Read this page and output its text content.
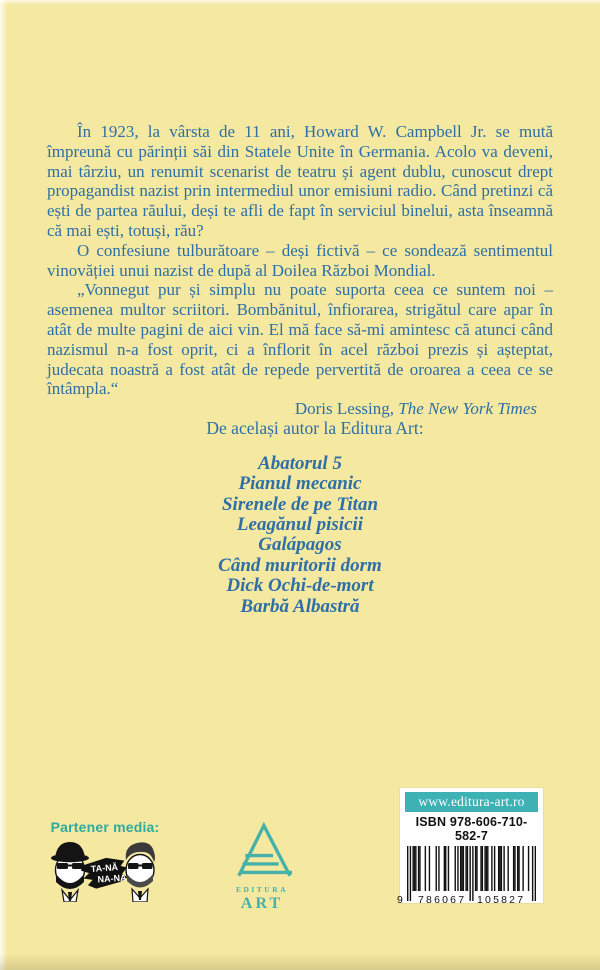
În 1923, la vârsta de 11 ani, Howard W. Campbell Jr. se mută împreună cu părinții săi din Statele Unite în Germania. Acolo va deveni, mai târziu, un renumit scenarist de teatru și agent dublu, cunoscut drept propagandist nazist prin intermediul unor emisiuni radio. Când pretinzi că ești de partea răului, deși te afli de fapt în serviciul binelui, asta înseamnă că mai ești, totuși, rău?

O confesiune tulburătoare – deși fictivă – ce sondează sentimentul vinovăției unui nazist de după al Doilea Război Mondial.

„Vonnegut pur și simplu nu poate suporta ceea ce suntem noi – asemenea multor scriitori. Bombănitul, înfiorarea, strigătul care apar în atât de multe pagini de aici vin. El mă face să-mi amintesc că atunci când nazismul n-a fost oprit, ci a înflorit în acel război prezis și așteptat, judecata noastră a fost atât de repede pervertită de oroarea a ceea ce se întâmpla.“

Doris Lessing, The New York Times

De același autor la Editura Art:

Abatorul 5
Pianul mecanic
Sirenele de pe Titan
Leagănul pisicii
Galápagos
Când muritorii dorm
Dick Ochi-de-mort
Barbă Albastră
Partener media:
TA-NĂ
NA-NA
EDITURA
ART
www.editura-art.ro
ISBN 978-606-710-582-7
9 786067 105827
